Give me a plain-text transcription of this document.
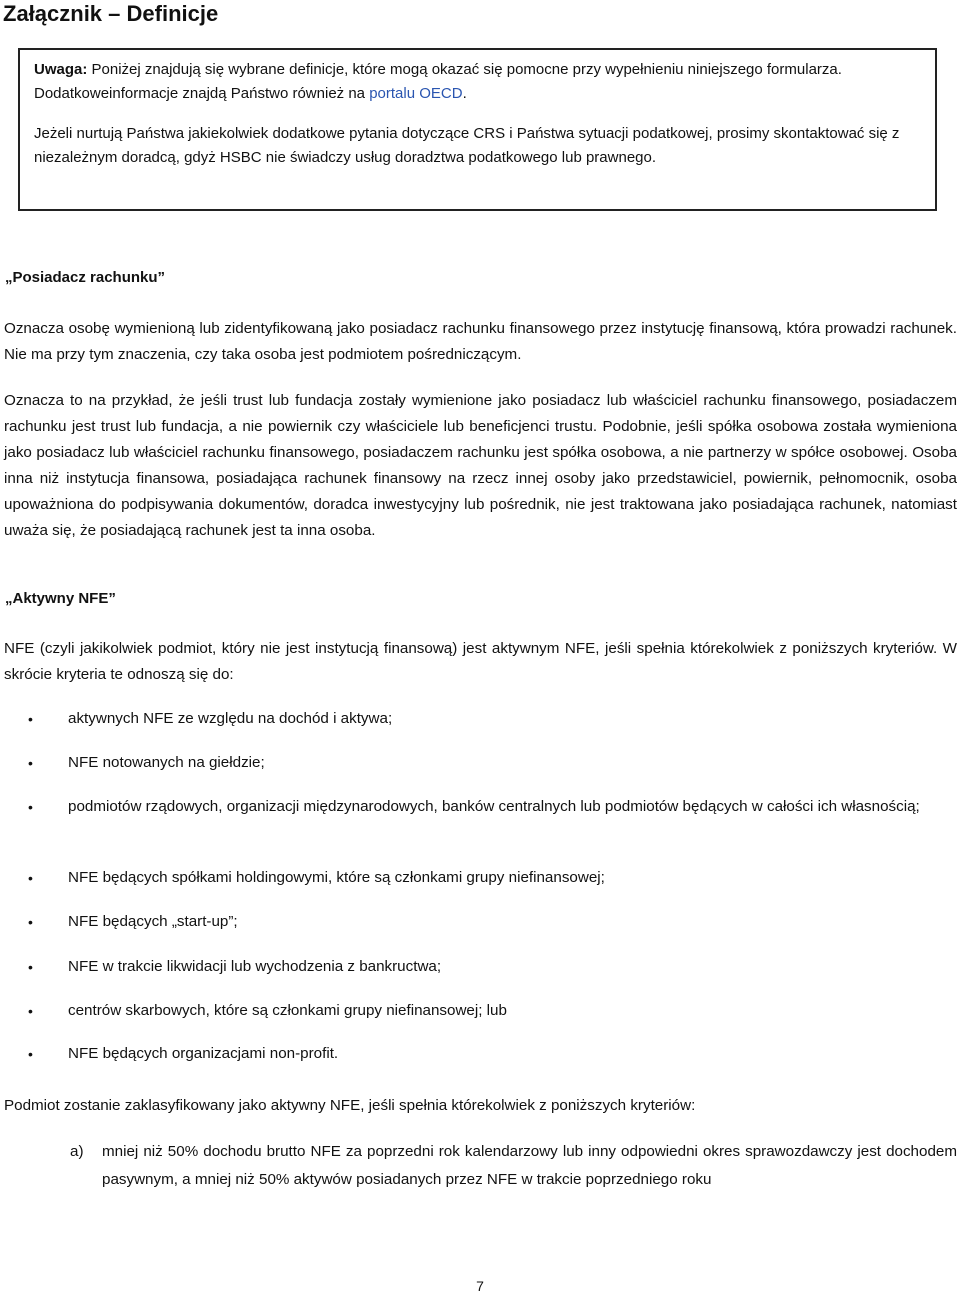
Załącznik – Definicje

Uwaga: Poniżej znajdują się wybrane definicje, które mogą okazać się pomocne przy wypełnieniu niniejszego formularza. Dodatkoweinformacje znajdą Państwo również na portalu OECD.

Jeżeli nurtują Państwa jakiekolwiek dodatkowe pytania dotyczące CRS i Państwa sytuacji podatkowej, prosimy skontaktować się z niezależnym doradcą, gdyż HSBC nie świadczy usług doradztwa podatkowego lub prawnego.

„Posiadacz rachunku”

Oznacza osobę wymienioną lub zidentyfikowaną jako posiadacz rachunku finansowego przez instytucję finansową, która prowadzi rachunek. Nie ma przy tym znaczenia, czy taka osoba jest podmiotem pośredniczącym.

Oznacza to na przykład, że jeśli trust lub fundacja zostały wymienione jako posiadacz lub właściciel rachunku finansowego, posiadaczem rachunku jest trust lub fundacja, a nie powiernik czy właściciele lub beneficjenci trustu. Podobnie, jeśli spółka osobowa została wymieniona jako posiadacz lub właściciel rachunku finansowego, posiadaczem rachunku jest spółka osobowa, a nie partnerzy w spółce osobowej. Osoba inna niż instytucja finansowa, posiadająca rachunek finansowy na rzecz innej osoby jako przedstawiciel, powiernik, pełnomocnik, osoba upoważniona do podpisywania dokumentów, doradca inwestycyjny lub pośrednik, nie jest traktowana jako posiadająca rachunek, natomiast uważa się, że posiadającą rachunek jest ta inna osoba.

„Aktywny NFE”

NFE (czyli jakikolwiek podmiot, który nie jest instytucją finansową) jest aktywnym NFE, jeśli spełnia którekolwiek z poniższych kryteriów. W skrócie kryteria te odnoszą się do:

• aktywnych NFE ze względu na dochód i aktywa;
• NFE notowanych na giełdzie;
• podmiotów rządowych, organizacji międzynarodowych, banków centralnych lub podmiotów będących w całości ich własnością;
• NFE będących spółkami holdingowymi, które są członkami grupy niefinansowej;
• NFE będących „start-up”;
• NFE w trakcie likwidacji lub wychodzenia z bankructwa;
• centrów skarbowych, które są członkami grupy niefinansowej; lub
• NFE będących organizacjami non-profit.

Podmiot zostanie zaklasyfikowany jako aktywny NFE, jeśli spełnia którekolwiek z poniższych kryteriów:

a) mniej niż 50% dochodu brutto NFE za poprzedni rok kalendarzowy lub inny odpowiedni okres sprawozdawczy jest dochodem pasywnym, a mniej niż 50% aktywów posiadanych przez NFE w trakcie poprzedniego roku
7
